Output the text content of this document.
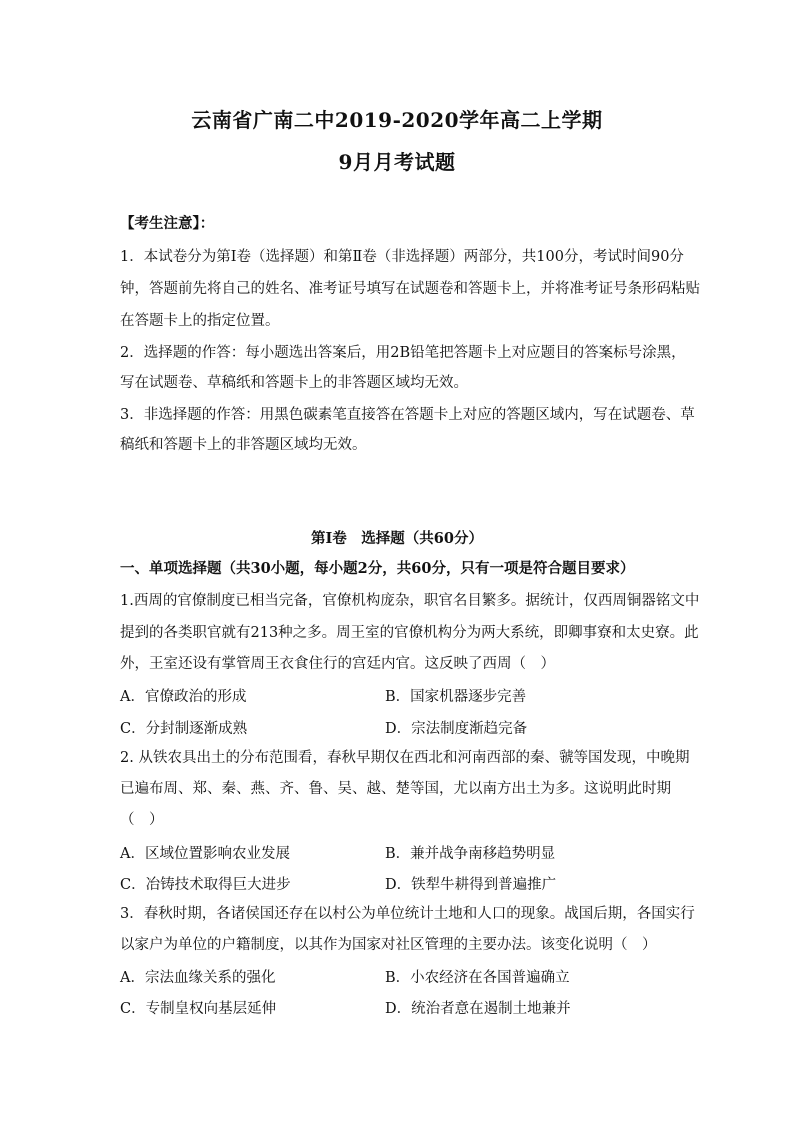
云南省广南二中2019-2020学年高二上学期
9月月考试题
【考生注意】：
1．本试卷分为第Ⅰ卷（选择题）和第Ⅱ卷（非选择题）两部分，共100分，考试时间90分
钟，答题前先将自己的姓名、准考证号填写在试题卷和答题卡上，并将准考证号条形码粘贴
在答题卡上的指定位置。
2．选择题的作答：每小题选出答案后，用2B铅笔把答题卡上对应题目的答案标号涂黑，
写在试题卷、草稿纸和答题卡上的非答题区域均无效。
3．非选择题的作答：用黑色碳素笔直接答在答题卡上对应的答题区域内，写在试题卷、草
稿纸和答题卡上的非答题区域均无效。
第Ⅰ卷　选择题（共60分）
一、单项选择题（共30小题，每小题2分，共60分，只有一项是符合题目要求）
1.西周的官僚制度已相当完备，官僚机构庞杂，职官名目繁多。据统计，仅西周铜器铭文中
提到的各类职官就有213种之多。周王室的官僚机构分为两大系统，即卿事寮和太史寮。此
外，王室还设有掌管周王衣食住行的宫廷内官。这反映了西周（　）
A．官僚政治的形成	B．国家机器逐步完善
C．分封制逐渐成熟	D．宗法制度渐趋完备
2. 从铁农具出土的分布范围看，春秋早期仅在西北和河南西部的秦、虢等国发现，中晚期
已遍布周、郑、秦、燕、齐、鲁、吴、越、楚等国，尤以南方出土为多。这说明此时期
（　）
A．区域位置影响农业发展	B．兼并战争南移趋势明显
C．冶铸技术取得巨大进步	D．铁犁牛耕得到普遍推广
3．春秋时期，各诸侯国还存在以村公为单位统计土地和人口的现象。战国后期，各国实行
以家户为单位的户籍制度，以其作为国家对社区管理的主要办法。该变化说明（　）
A．宗法血缘关系的强化	B．小农经济在各国普遍确立
C．专制皇权向基层延伸	D．统治者意在遏制土地兼并
